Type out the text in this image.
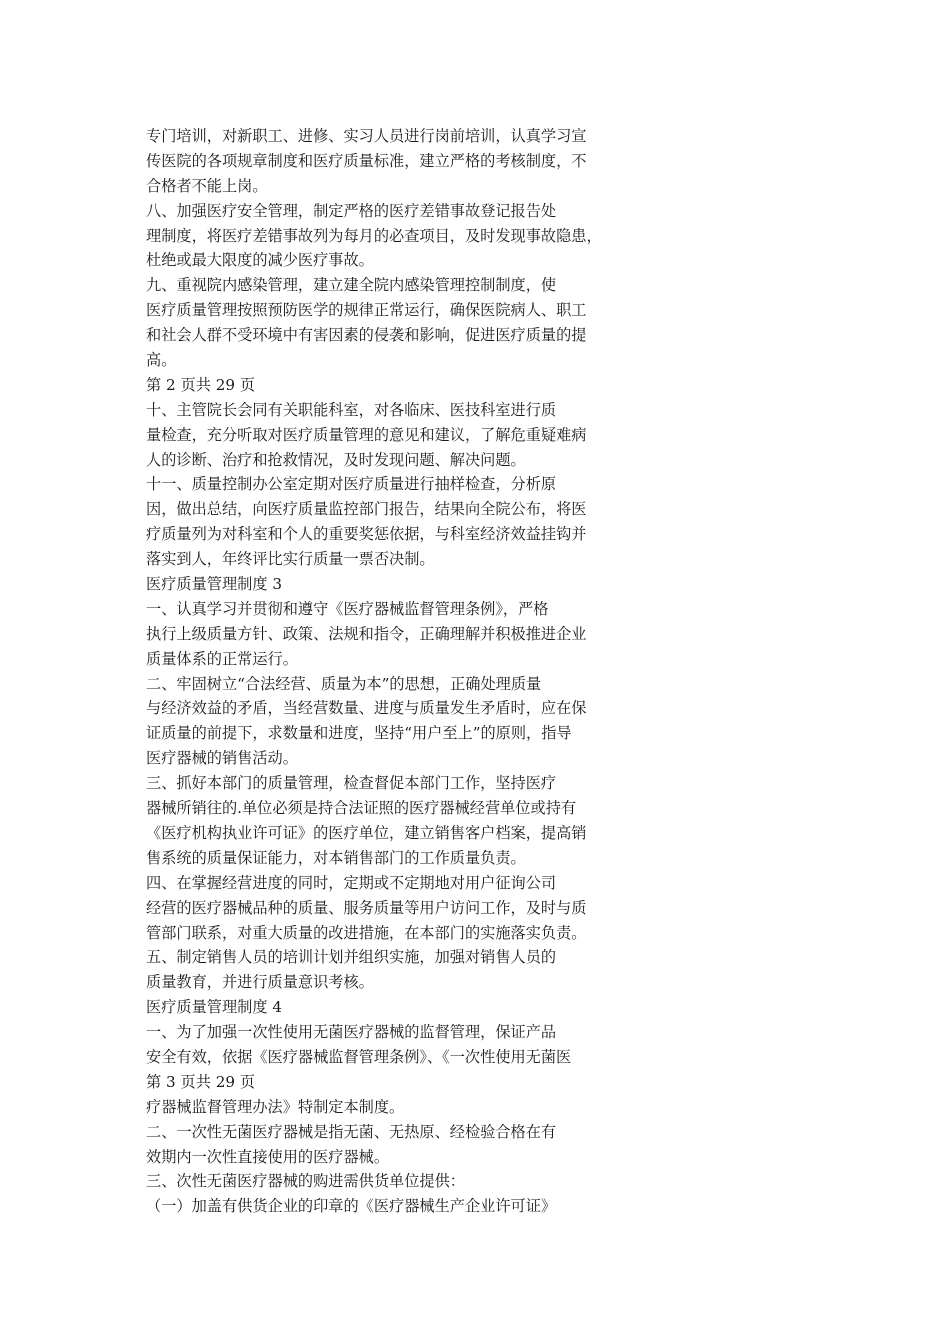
专门培训，对新职工、进修、实习人员进行岗前培训，认真学习宣
传医院的各项规章制度和医疗质量标准，建立严格的考核制度，不
合格者不能上岗。
八、加强医疗安全管理，制定严格的医疗差错事故登记报告处
理制度，将医疗差错事故列为每月的必查项目，及时发现事故隐患，
杜绝或最大限度的减少医疗事故。
九、重视院内感染管理，建立建全院内感染管理控制制度，使
医疗质量管理按照预防医学的规律正常运行，确保医院病人、职工
和社会人群不受环境中有害因素的侵袭和影响，促进医疗质量的提
高。
第 2 页共 29 页
十、主管院长会同有关职能科室，对各临床、医技科室进行质
量检查，充分听取对医疗质量管理的意见和建议，了解危重疑难病
人的诊断、治疗和抢救情况，及时发现问题、解决问题。
十一、质量控制办公室定期对医疗质量进行抽样检查，分析原
因，做出总结，向医疗质量监控部门报告，结果向全院公布，将医
疗质量列为对科室和个人的重要奖惩依据，与科室经济效益挂钩并
落实到人，年终评比实行质量一票否决制。
医疗质量管理制度 3
一、认真学习并贯彻和遵守《医疗器械监督管理条例》，严格
执行上级质量方针、政策、法规和指令，正确理解并积极推进企业
质量体系的正常运行。
二、牢固树立“合法经营、质量为本”的思想，正确处理质量
与经济效益的矛盾，当经营数量、进度与质量发生矛盾时，应在保
证质量的前提下，求数量和进度，坚持“用户至上”的原则，指导
医疗器械的销售活动。
三、抓好本部门的质量管理，检查督促本部门工作，坚持医疗
器械所销往的.单位必须是持合法证照的医疗器械经营单位或持有
《医疗机构执业许可证》的医疗单位，建立销售客户档案，提高销
售系统的质量保证能力，对本销售部门的工作质量负责。
四、在掌握经营进度的同时，定期或不定期地对用户征询公司
经营的医疗器械品种的质量、服务质量等用户访问工作，及时与质
管部门联系，对重大质量的改进措施，在本部门的实施落实负责。
五、制定销售人员的培训计划并组织实施，加强对销售人员的
质量教育，并进行质量意识考核。
医疗质量管理制度 4
一、为了加强一次性使用无菌医疗器械的监督管理，保证产品
安全有效，依据《医疗器械监督管理条例》、《一次性使用无菌医
第 3 页共 29 页
疗器械监督管理办法》特制定本制度。
二、一次性无菌医疗器械是指无菌、无热原、经检验合格在有
效期内一次性直接使用的医疗器械。
三、次性无菌医疗器械的购进需供货单位提供：
（一）加盖有供货企业的印章的《医疗器械生产企业许可证》
